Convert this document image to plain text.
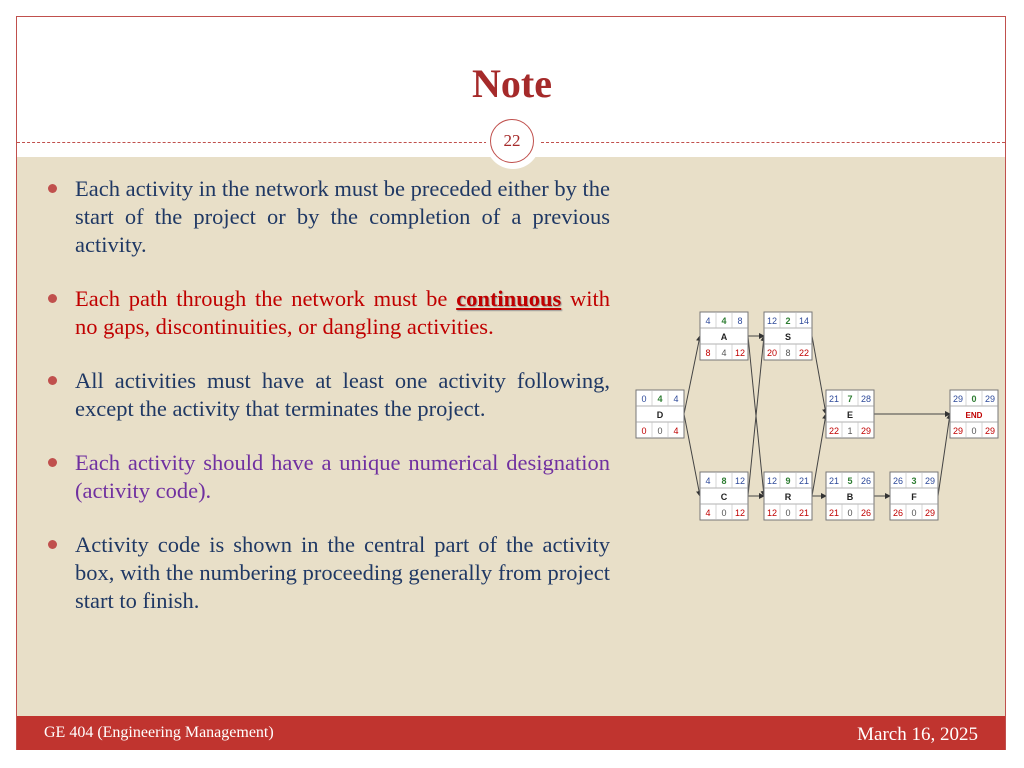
Note
22
Each activity in the network must be preceded either by the start of the project or by the completion of a previous activity.
Each path through the network must be continuous with no gaps, discontinuities, or dangling activities.
All activities must have at least one activity following, except the activity that terminates the project.
Each activity should have a unique numerical designation (activity code).
Activity code is shown in the central part of the activity box, with the numbering proceeding generally from project start to finish.
4 4 8
A
8 4 12
12 2 14
S
20 8 22
0 4 4
D
0 0 4
21 7 28
E
22 1 29
29 0 29
END
29 0 29
4 8 12
C
4 0 12
12 9 21
R
12 0 21
21 5 26
B
21 0 26
26 3 29
F
26 0 29
GE 404 (Engineering Management)	March 16, 2025
